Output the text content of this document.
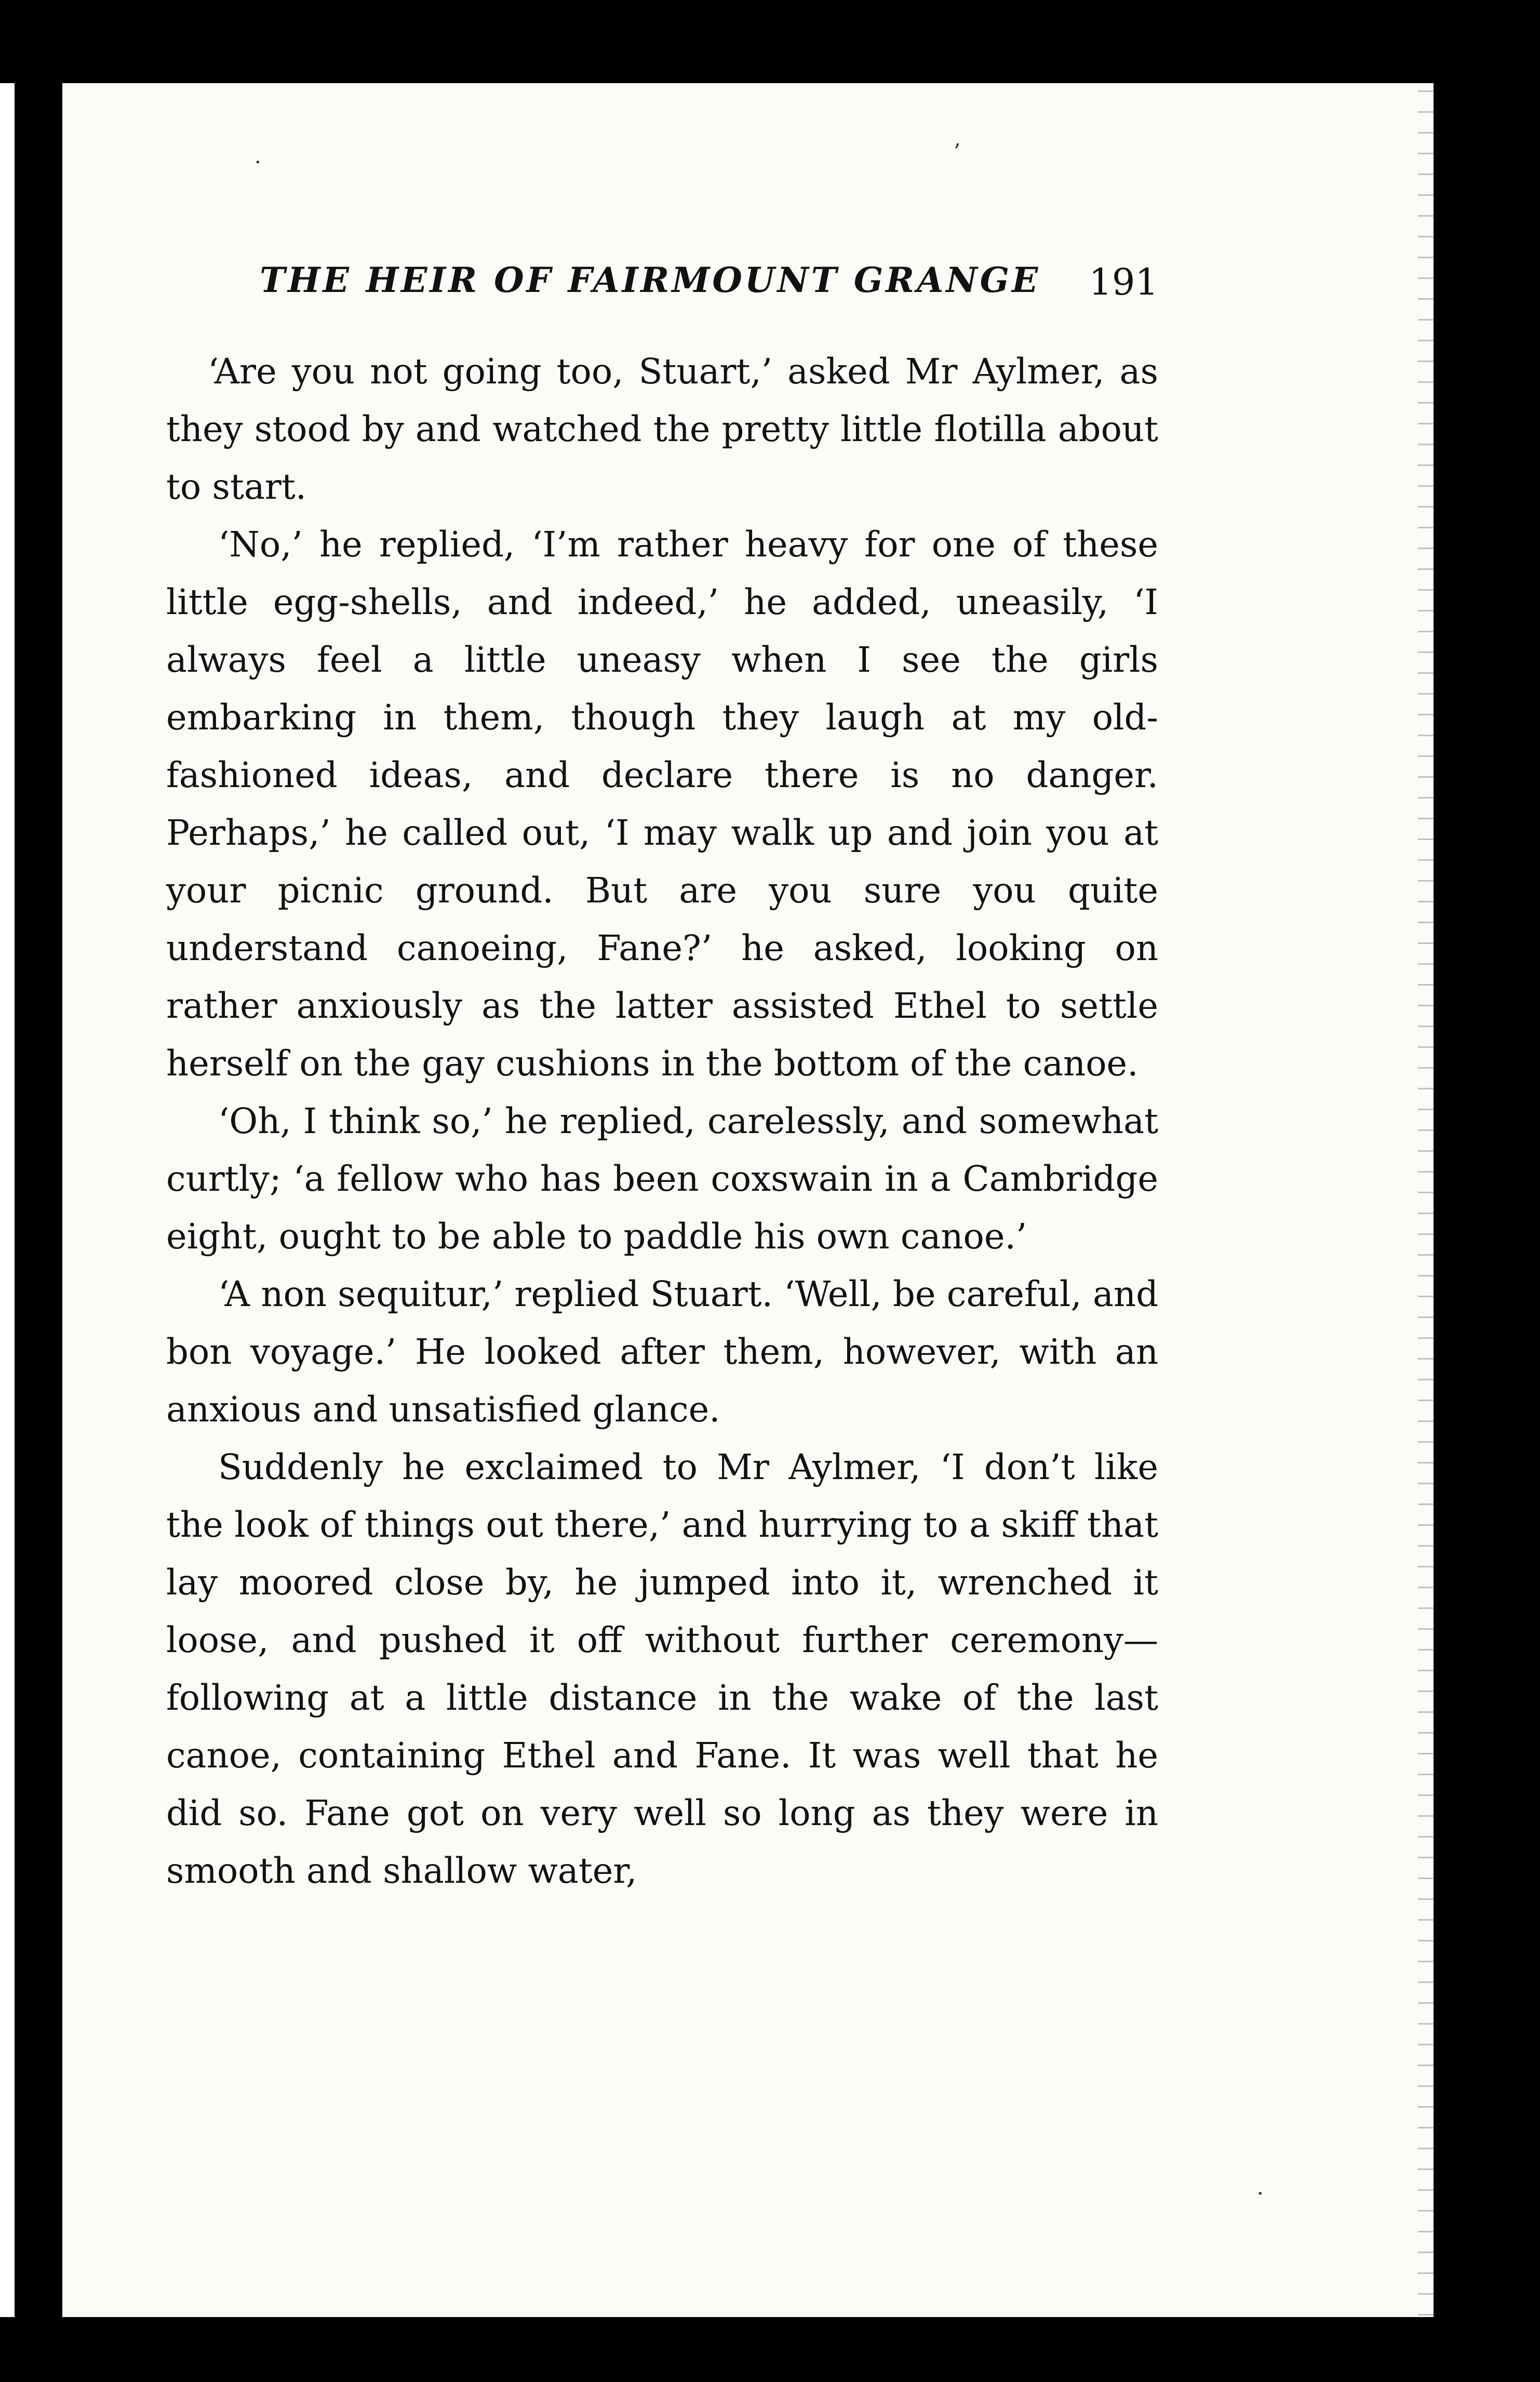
THE HEIR OF FAIRMOUNT GRANGE 191

‘Are you not going too, Stuart,’ asked Mr Aylmer, as they stood by and watched the pretty little flotilla about to start.

‘No,’ he replied, ‘I’m rather heavy for one of these little egg-shells, and indeed,’ he added, uneasily, ‘I always feel a little uneasy when I see the girls embarking in them, though they laugh at my old-fashioned ideas, and declare there is no danger. Perhaps,’ he called out, ‘I may walk up and join you at your picnic ground. But are you sure you quite understand canoeing, Fane?’ he asked, looking on rather anxiously as the latter assisted Ethel to settle herself on the gay cushions in the bottom of the canoe.

‘Oh, I think so,’ he replied, carelessly, and somewhat curtly; ‘a fellow who has been coxswain in a Cambridge eight, ought to be able to paddle his own canoe.’

‘A non sequitur,’ replied Stuart. ‘Well, be careful, and bon voyage.’ He looked after them, however, with an anxious and unsatisfied glance.

Suddenly he exclaimed to Mr Aylmer, ‘I don’t like the look of things out there,’ and hurrying to a skiff that lay moored close by, he jumped into it, wrenched it loose, and pushed it off without further ceremony—following at a little distance in the wake of the last canoe, containing Ethel and Fane. It was well that he did so. Fane got on very well so long as they were in smooth and shallow water,

ʼ
·
·
